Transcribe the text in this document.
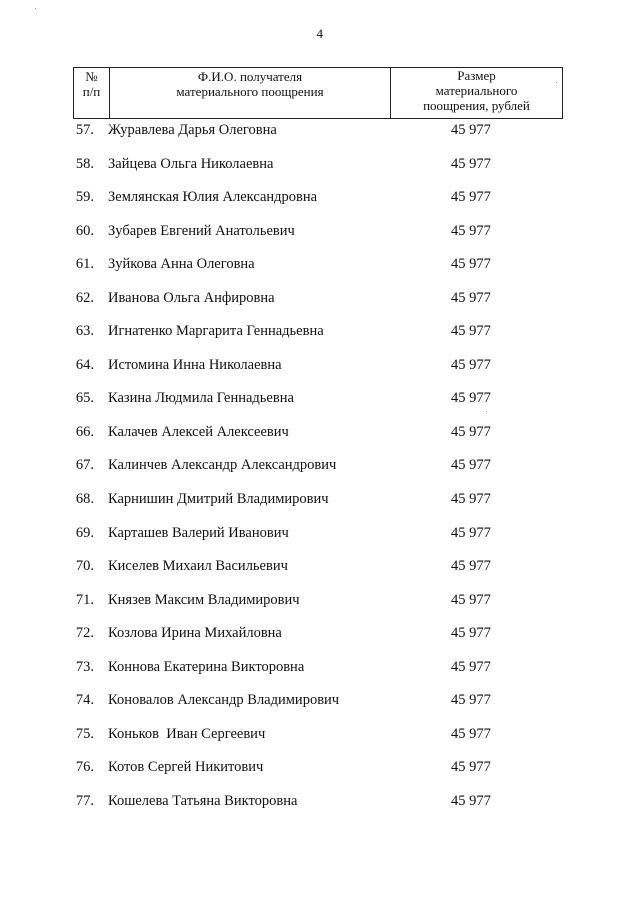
4
№
п/п

Ф.И.О. получателя
материального поощрения

Размер
материального
поощрения, рублей
57. Журавлева Дарья Олеговна	45 977
58. Зайцева Ольга Николаевна	45 977
59. Землянская Юлия Александровна	45 977
60. Зубарев Евгений Анатольевич	45 977
61. Зуйкова Анна Олеговна	45 977
62. Иванова Ольга Анфировна	45 977
63. Игнатенко Маргарита Геннадьевна	45 977
64. Истомина Инна Николаевна	45 977
65. Казина Людмила Геннадьевна	45 977
66. Калачев Алексей Алексеевич	45 977
67. Калинчев Александр Александрович	45 977
68. Карнишин Дмитрий Владимирович	45 977
69. Карташев Валерий Иванович	45 977
70. Киселев Михаил Васильевич	45 977
71. Князев Максим Владимирович	45 977
72. Козлова Ирина Михайловна	45 977
73. Коннова Екатерина Викторовна	45 977
74. Коновалов Александр Владимирович	45 977
75. Коньков  Иван Сергеевич	45 977
76. Котов Сергей Никитович	45 977
77. Кошелева Татьяна Викторовна	45 977
